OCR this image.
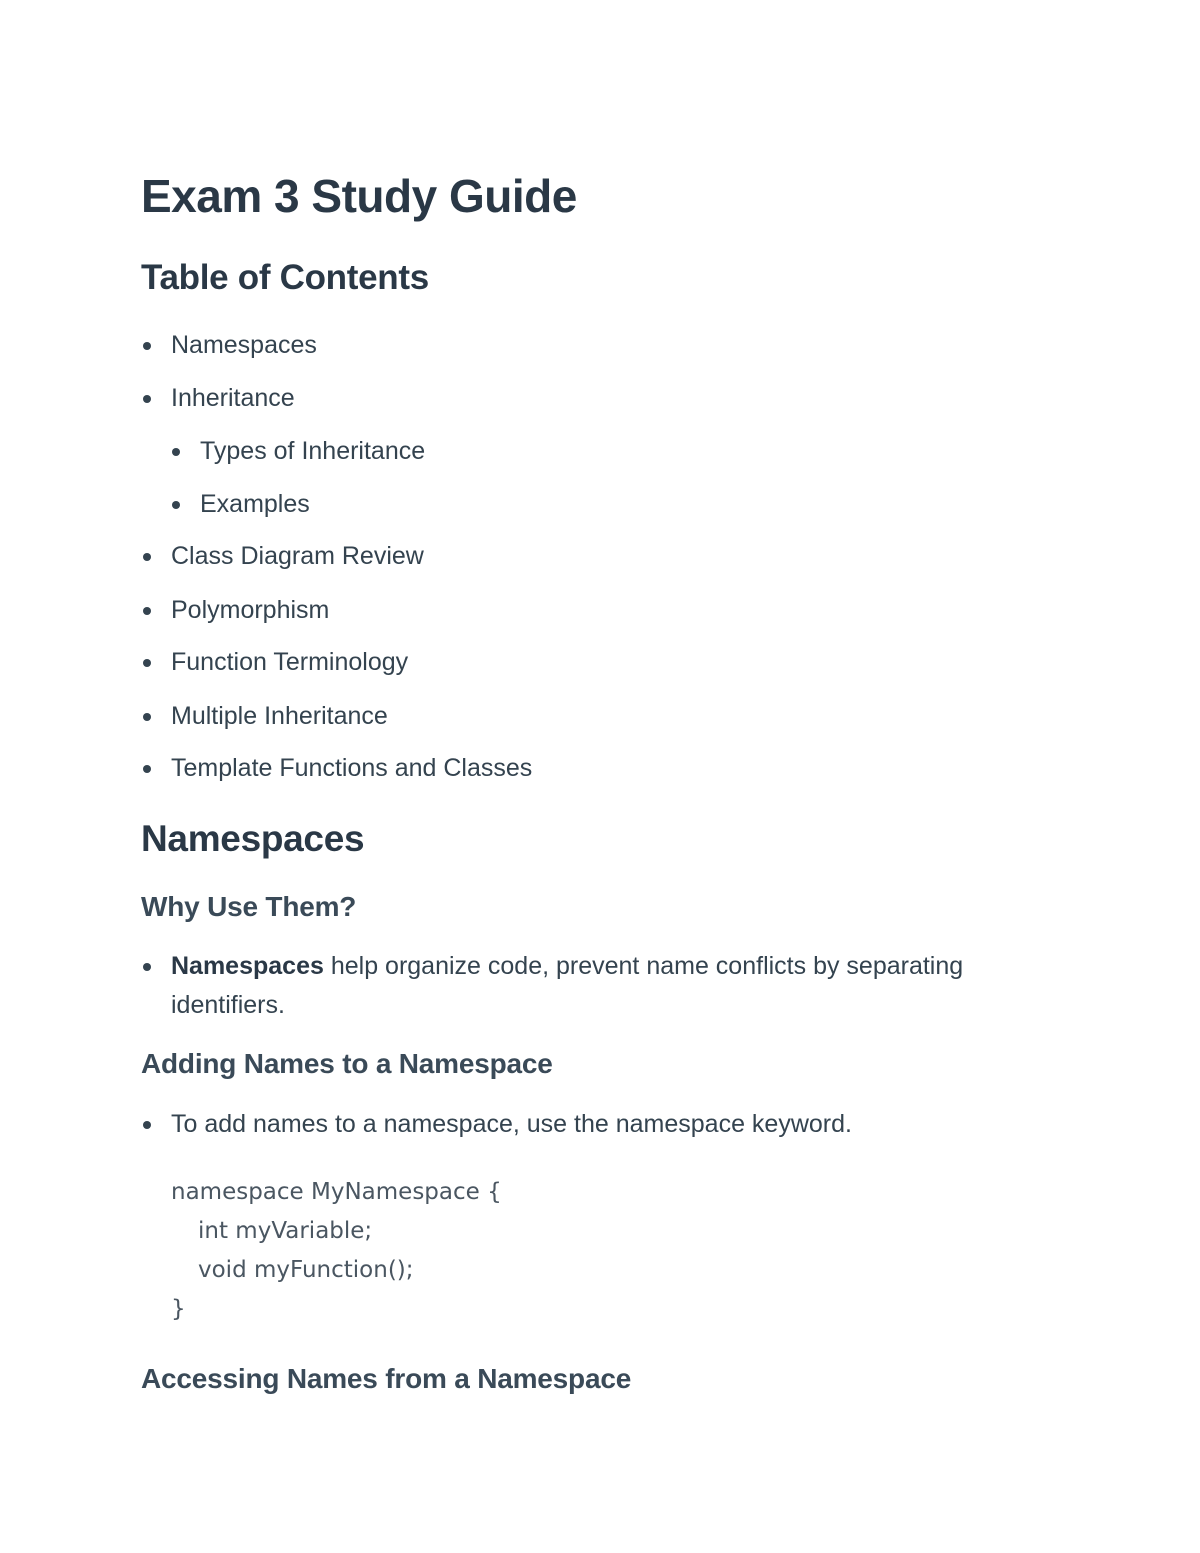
Exam 3 Study Guide
Table of Contents
Namespaces
Inheritance
Types of Inheritance
Examples
Class Diagram Review
Polymorphism
Function Terminology
Multiple Inheritance
Template Functions and Classes
Namespaces
Why Use Them?
Namespaces help organize code, prevent name conflicts by separating
identifiers.
Adding Names to a Namespace
To add names to a namespace, use the namespace keyword.
namespace MyNamespace {
int myVariable;
void myFunction();
}
Accessing Names from a Namespace
